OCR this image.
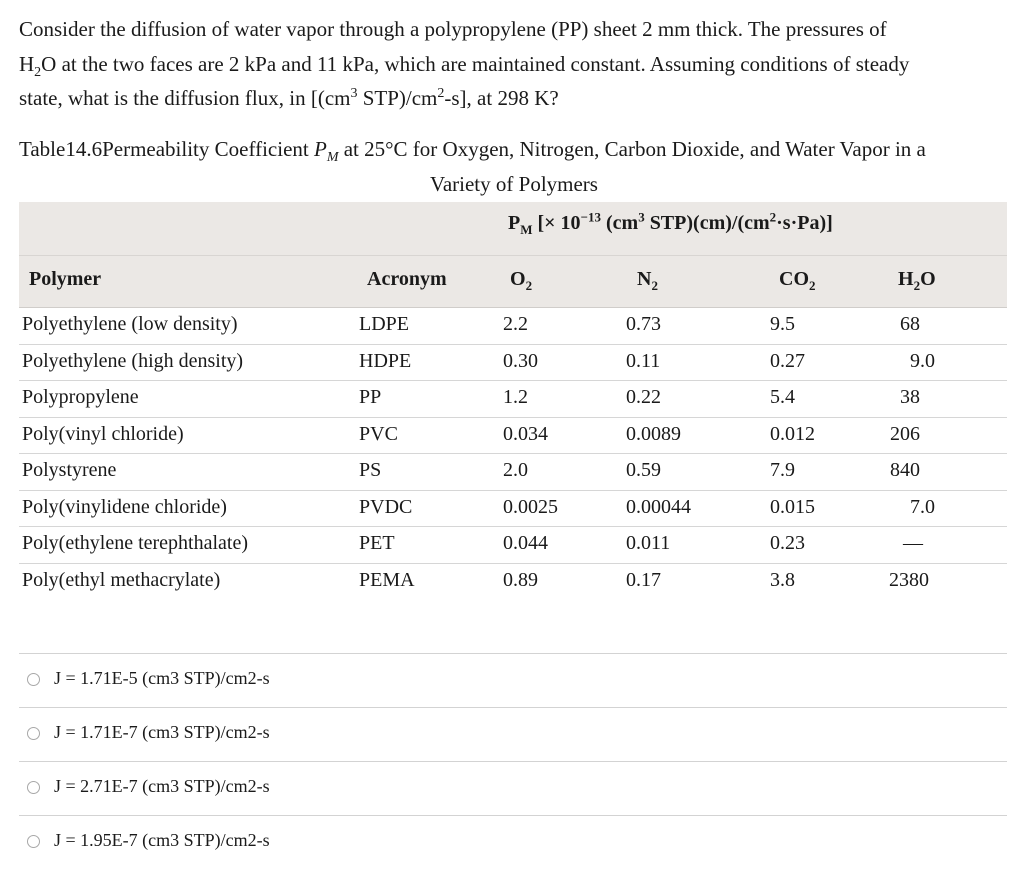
Consider the diffusion of water vapor through a polypropylene (PP) sheet 2 mm thick. The pressures of
$H_2O$ at the two faces are 2 kPa and 11 kPa, which are maintained constant. Assuming conditions of steady
state, what is the diffusion flux, in [($cm^3$ $STP)/cm^2-s$], at 298 K?
Table14.6Permeability Coefficient $P_M$ at 25°C for Oxygen, Nitrogen, Carbon Dioxide, and Water Vapor in a
Variety of Polymers
$P_M$ [× $10^{-13}$ ($cm^3$ $STP)(cm)/(cm^2\cdot s\cdot Pa)$]
Polymer	Acronym	$O_2$	$N_2$	$CO_2$	$H_2O$
Polyethylene (low density)	LDPE	2.2	0.73	9.5	68
Polyethylene (high density)	HDPE	0.30	0.11	0.27	9.0
Polypropylene	PP	1.2	0.22	5.4	38
Poly(vinyl chloride)	PVC	0.034	0.0089	0.012	206
Polystyrene	PS	2.0	0.59	7.9	840
Poly(vinylidene chloride)	PVDC	0.0025	0.00044	0.015	7.0
Poly(ethylene terephthalate)	PET	0.044	0.011	0.23	—
Poly(ethyl methacrylate)	PEMA	0.89	0.17	3.8	2380
J = 1.71E-5 (cm3 STP)/cm2-s
J = 1.71E-7 (cm3 STP)/cm2-s
J = 2.71E-7 (cm3 STP)/cm2-s
J = 1.95E-7 (cm3 STP)/cm2-s
